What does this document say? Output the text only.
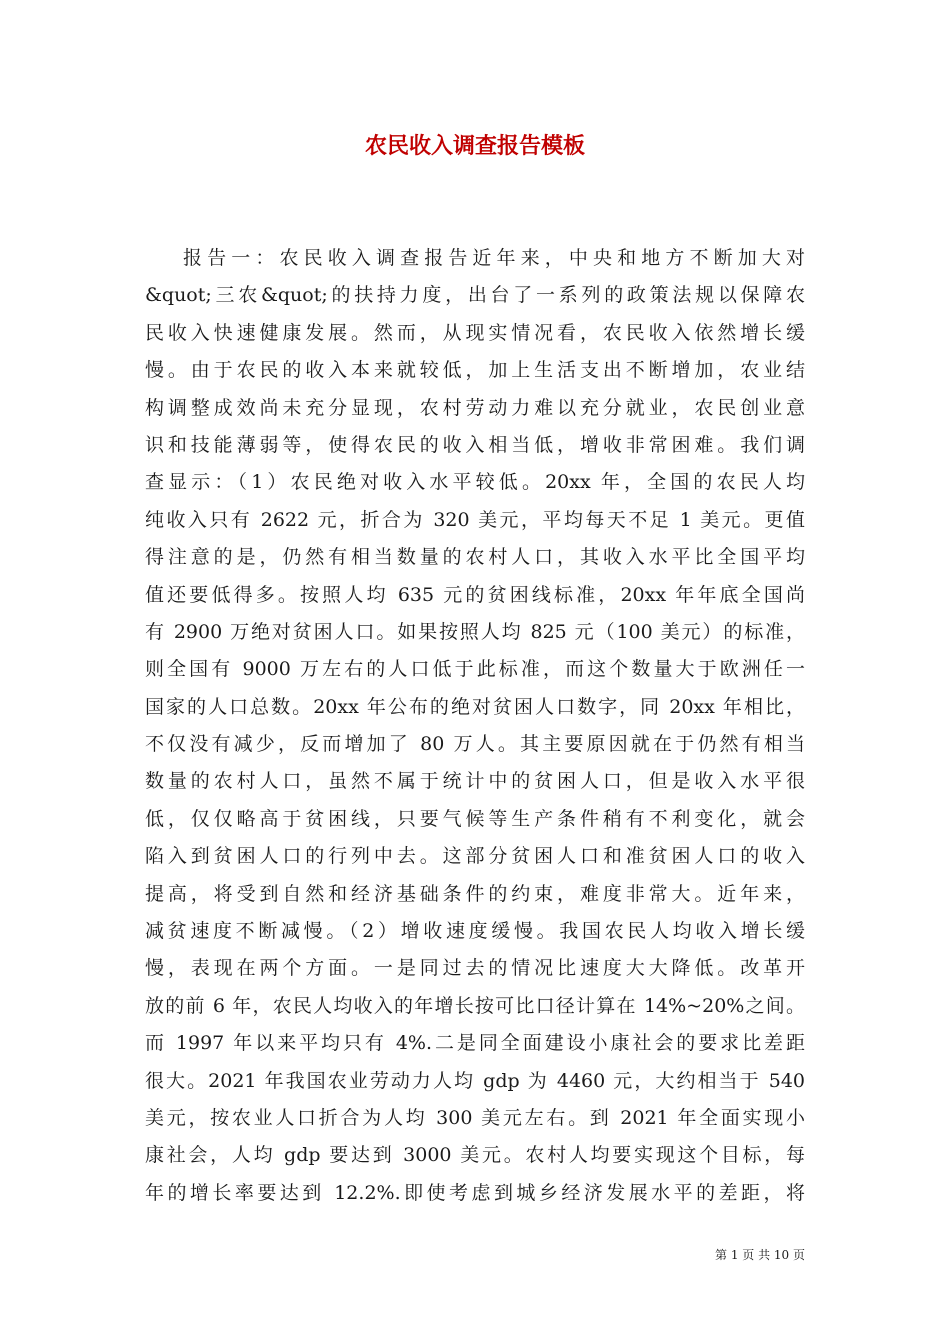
农民收入调查报告模板
报告一：农民收入调查报告近年来，中央和地方不断加大对
&quot;三农&quot;的扶持力度，出台了一系列的政策法规以保障农
民收入快速健康发展。然而，从现实情况看，农民收入依然增长缓
慢。由于农民的收入本来就较低，加上生活支出不断增加，农业结
构调整成效尚未充分显现，农村劳动力难以充分就业，农民创业意
识和技能薄弱等，使得农民的收入相当低，增收非常困难。我们调
查显示：（1）农民绝对收入水平较低。20xx 年，全国的农民人均
纯收入只有 2622 元，折合为 320 美元，平均每天不足 1 美元。更值
得注意的是，仍然有相当数量的农村人口，其收入水平比全国平均
值还要低得多。按照人均 635 元的贫困线标准，20xx 年年底全国尚
有 2900 万绝对贫困人口。如果按照人均 825 元（100 美元）的标准，
则全国有 9000 万左右的人口低于此标准，而这个数量大于欧洲任一
国家的人口总数。20xx 年公布的绝对贫困人口数字，同 20xx 年相比，
不仅没有减少，反而增加了 80 万人。其主要原因就在于仍然有相当
数量的农村人口，虽然不属于统计中的贫困人口，但是收入水平很
低，仅仅略高于贫困线，只要气候等生产条件稍有不利变化，就会
陷入到贫困人口的行列中去。这部分贫困人口和准贫困人口的收入
提高，将受到自然和经济基础条件的约束，难度非常大。近年来，
减贫速度不断减慢。（2）增收速度缓慢。我国农民人均收入增长缓
慢，表现在两个方面。一是同过去的情况比速度大大降低。改革开
放的前 6 年，农民人均收入的年增长按可比口径计算在 14%~20%之间。
而 1997 年以来平均只有 4%.二是同全面建设小康社会的要求比差距
很大。2021 年我国农业劳动力人均 gdp 为 4460 元，大约相当于 540
美元，按农业人口折合为人均 300 美元左右。到 2021 年全面实现小
康社会，人均 gdp 要达到 3000 美元。农村人均要实现这个目标，每
年的增长率要达到 12.2%.即使考虑到城乡经济发展水平的差距，将
第 1 页 共 10 页
